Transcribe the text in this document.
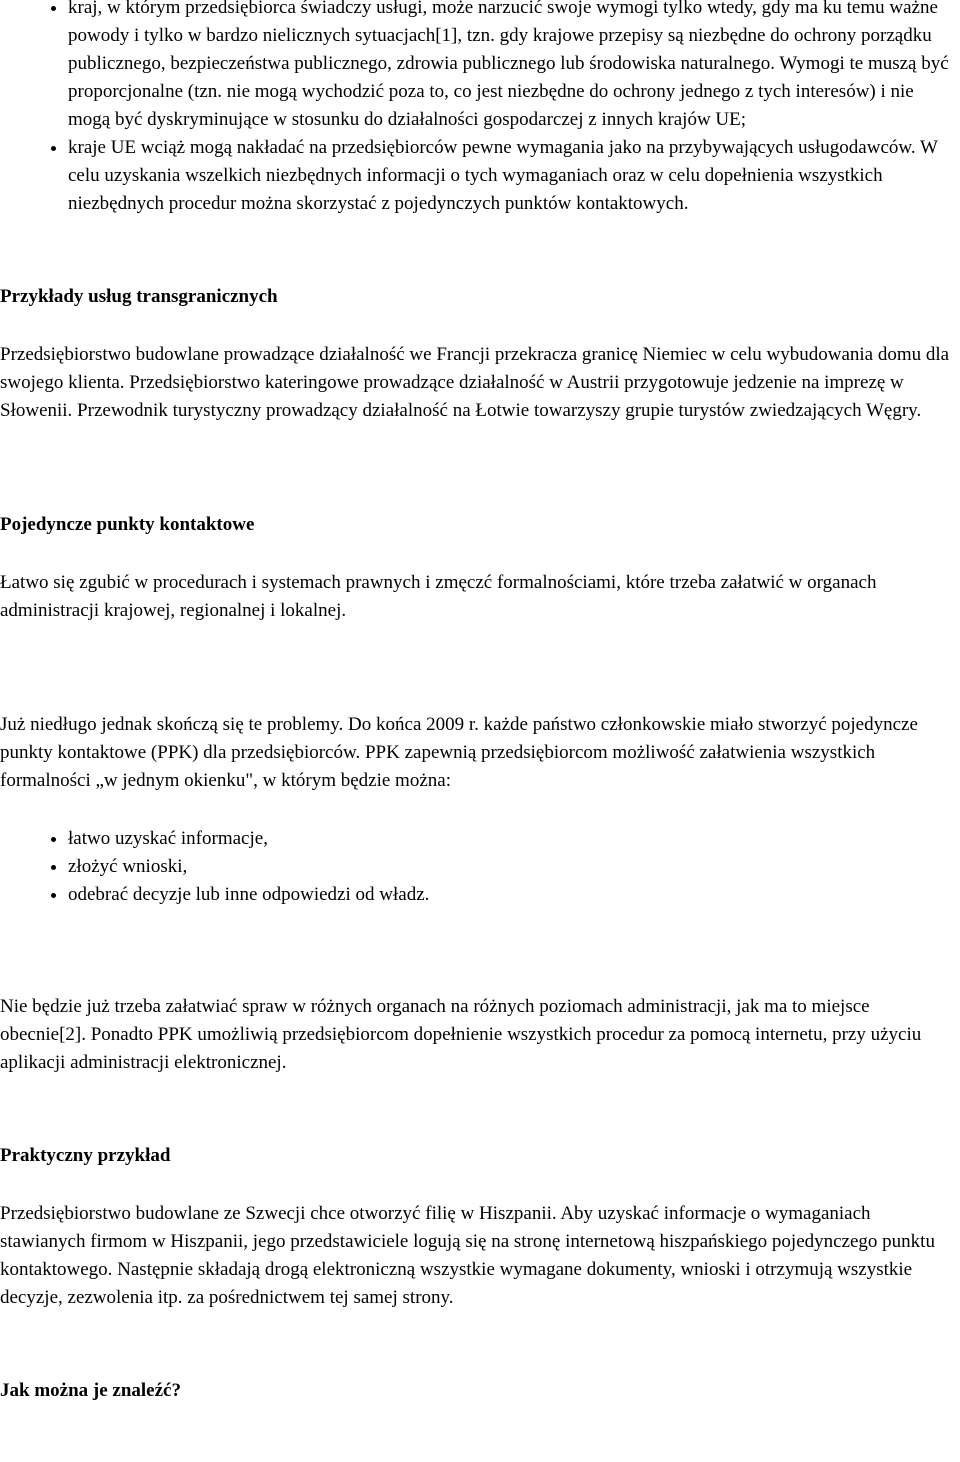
• kraj, w którym przedsiębiorca świadczy usługi, może narzucić swoje wymogi tylko wtedy, gdy ma ku temu ważne powody i tylko w bardzo nielicznych sytuacjach[1], tzn. gdy krajowe przepisy są niezbędne do ochrony porządku publicznego, bezpieczeństwa publicznego, zdrowia publicznego lub środowiska naturalnego. Wymogi te muszą być proporcjonalne (tzn. nie mogą wychodzić poza to, co jest niezbędne do ochrony jednego z tych interesów) i nie mogą być dyskryminujące w stosunku do działalności gospodarczej z innych krajów UE;
• kraje UE wciąż mogą nakładać na przedsiębiorców pewne wymagania jako na przybywających usługodawców. W celu uzyskania wszelkich niezbędnych informacji o tych wymaganiach oraz w celu dopełnienia wszystkich niezbędnych procedur można skorzystać z pojedynczych punktów kontaktowych.
Przykłady usług transgranicznych

Przedsiębiorstwo budowlane prowadzące działalność we Francji przekracza granicę Niemiec w celu wybudowania domu dla swojego klienta. Przedsiębiorstwo kateringowe prowadzące działalność w Austrii przygotowuje jedzenie na imprezę w Słowenii. Przewodnik turystyczny prowadzący działalność na Łotwie towarzyszy grupie turystów zwiedzających Węgry.

Pojedyncze punkty kontaktowe

Łatwo się zgubić w procedurach i systemach prawnych i zmęczć formalnościami, które trzeba załatwić w organach administracji krajowej, regionalnej i lokalnej.

Już niedługo jednak skończą się te problemy. Do końca 2009 r. każde państwo członkowskie miało stworzyć pojedyncze punkty kontaktowe (PPK) dla przedsiębiorców. PPK zapewnią przedsiębiorcom możliwość załatwienia wszystkich formalności „w jednym okienku", w którym będzie można:

• łatwo uzyskać informacje,
• złożyć wnioski,
• odebrać decyzje lub inne odpowiedzi od władz.

Nie będzie już trzeba załatwiać spraw w różnych organach na różnych poziomach administracji, jak ma to miejsce obecnie[2]. Ponadto PPK umożliwią przedsiębiorcom dopełnienie wszystkich procedur za pomocą internetu, przy użyciu aplikacji administracji elektronicznej.

Praktyczny przykład

Przedsiębiorstwo budowlane ze Szwecji chce otworzyć filię w Hiszpanii. Aby uzyskać informacje o wymaganiach stawianych firmom w Hiszpanii, jego przedstawiciele logują się na stronę internetową hiszpańskiego pojedynczego punktu kontaktowego. Następnie składają drogą elektroniczną wszystkie wymagane dokumenty, wnioski i otrzymują wszystkie decyzje, zezwolenia itp. za pośrednictwem tej samej strony.

Jak można je znaleźć?
